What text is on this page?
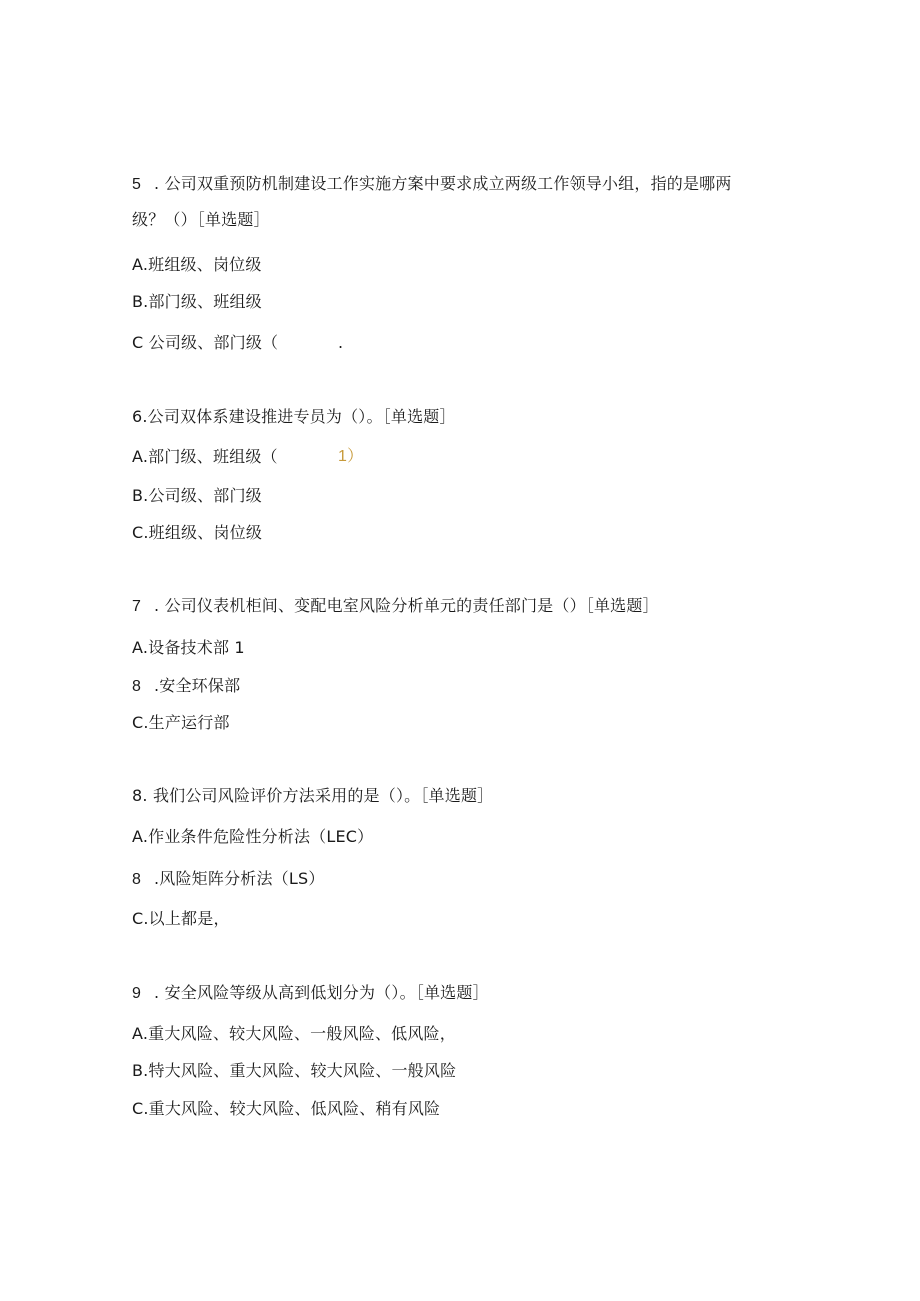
5 . 公司双重预防机制建设工作实施方案中要求成立两级工作领导小组，指的是哪两
级？（）［单选题］
A.班组级、岗位级
B.部门级、班组级
C 公司级、部门级（	.
6.公司双体系建设推进专员为（）。［单选题］
A.部门级、班组级（	1）
B.公司级、部门级
C.班组级、岗位级
7 . 公司仪表机柜间、变配电室风险分析单元的责任部门是（）［单选题］
A.设备技术部 1
8 .安全环保部
C.生产运行部
8. 我们公司风险评价方法采用的是（）。［单选题］
A.作业条件危险性分析法（LEC）
8 .风险矩阵分析法（LS）
C.以上都是，
9 . 安全风险等级从高到低划分为（）。［单选题］
A.重大风险、较大风险、一般风险、低风险，
B.特大风险、重大风险、较大风险、一般风险
C.重大风险、较大风险、低风险、稍有风险
